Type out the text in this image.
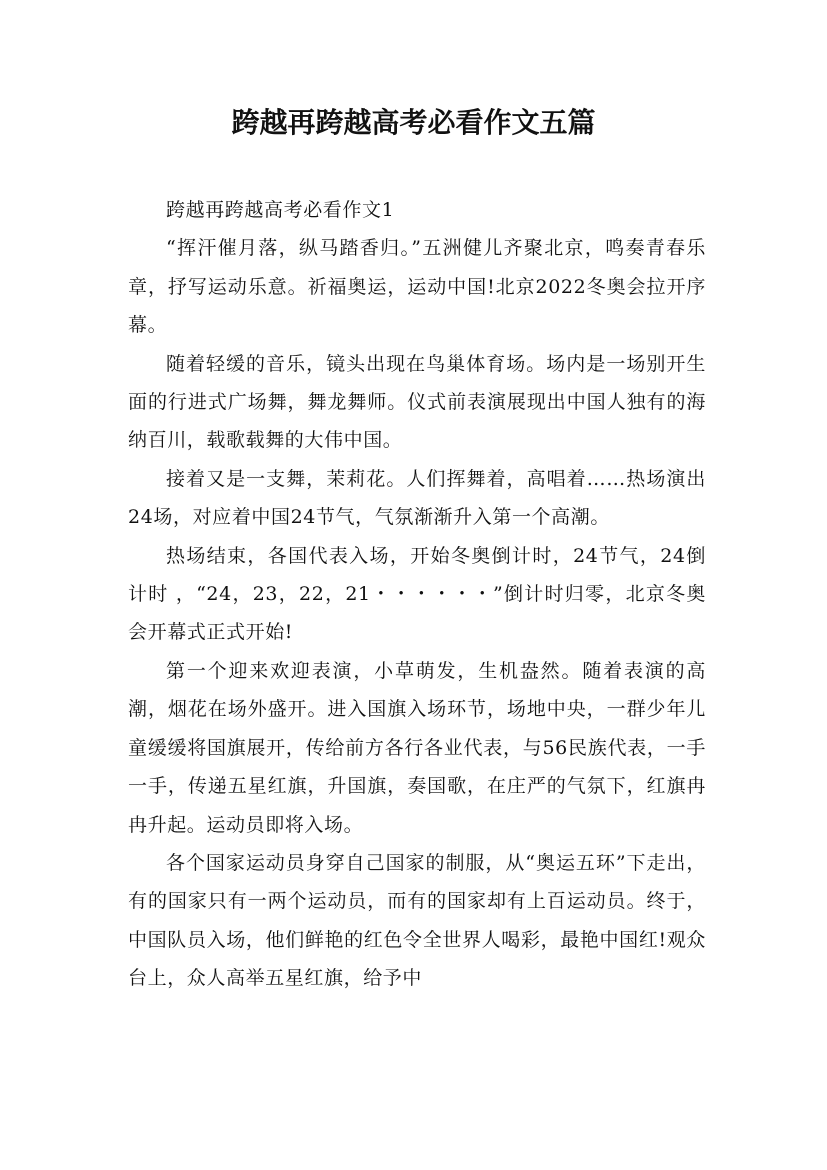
跨越再跨越高考必看作文五篇

跨越再跨越高考必看作文1

“挥汗催月落，纵马踏香归。”五洲健儿齐聚北京，鸣奏青春乐章，抒写运动乐意。祈福奥运，运动中国!北京2022冬奥会拉开序幕。

随着轻缓的音乐，镜头出现在鸟巢体育场。场内是一场别开生面的行进式广场舞，舞龙舞师。仪式前表演展现出中国人独有的海纳百川，载歌载舞的大伟中国。

接着又是一支舞，茉莉花。人们挥舞着，高唱着……热场演出24场，对应着中国24节气，气氛渐渐升入第一个高潮。

热场结束，各国代表入场，开始冬奥倒计时，24节气，24倒计时 ，“24，23，22，21・・・・・・”倒计时归零，北京冬奥会开幕式正式开始!

第一个迎来欢迎表演，小草萌发，生机盎然。随着表演的高潮，烟花在场外盛开。进入国旗入场环节，场地中央，一群少年儿童缓缓将国旗展开，传给前方各行各业代表，与56民族代表，一手一手，传递五星红旗，升国旗，奏国歌，在庄严的气氛下，红旗冉冉升起。运动员即将入场。

各个国家运动员身穿自己国家的制服，从“奥运五环”下走出，有的国家只有一两个运动员，而有的国家却有上百运动员。终于，中国队员入场，他们鲜艳的红色令全世界人喝彩，最艳中国红!观众台上，众人高举五星红旗，给予中
